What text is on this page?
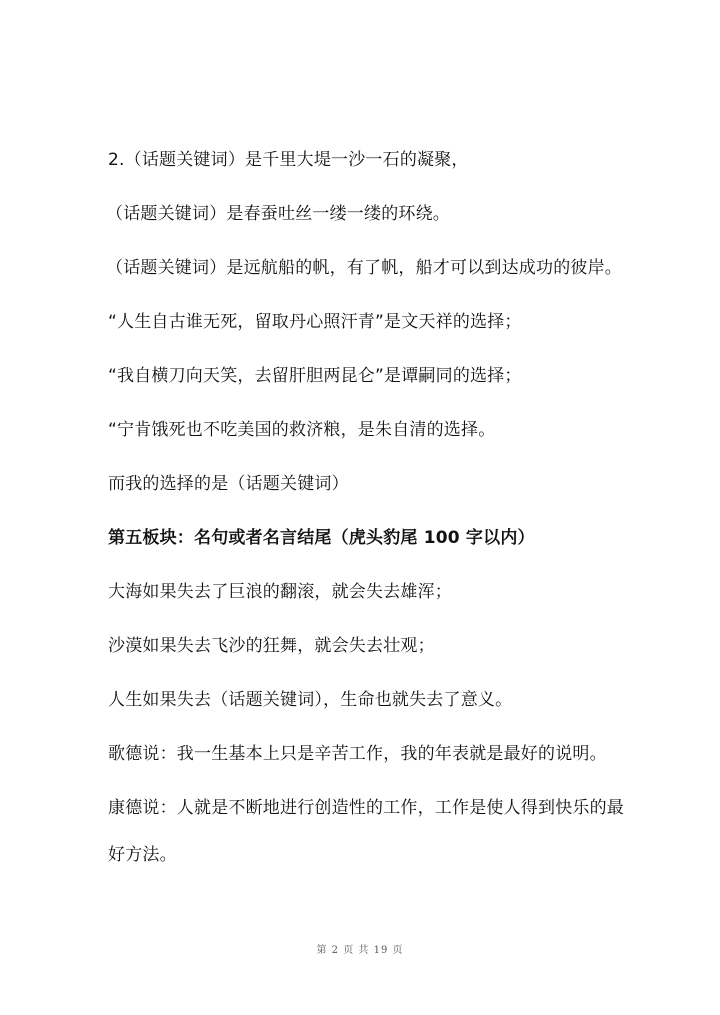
2.（话题关键词）是千里大堤一沙一石的凝聚，
（话题关键词）是春蚕吐丝一缕一缕的环绕。
（话题关键词）是远航船的帆，有了帆，船才可以到达成功的彼岸。
“人生自古谁无死，留取丹心照汗青”是文天祥的选择；
“我自横刀向天笑，去留肝胆两昆仑”是谭嗣同的选择；
“宁肯饿死也不吃美国的救济粮，是朱自清的选择。
而我的选择的是（话题关键词）
第五板块：名句或者名言结尾（虎头豹尾 100 字以内）
大海如果失去了巨浪的翻滚，就会失去雄浑；
沙漠如果失去飞沙的狂舞，就会失去壮观；
人生如果失去（话题关键词），生命也就失去了意义。
歌德说：我一生基本上只是辛苦工作，我的年表就是最好的说明。
康德说：人就是不断地进行创造性的工作，工作是使人得到快乐的最
好方法。
第 2 页 共 19 页
